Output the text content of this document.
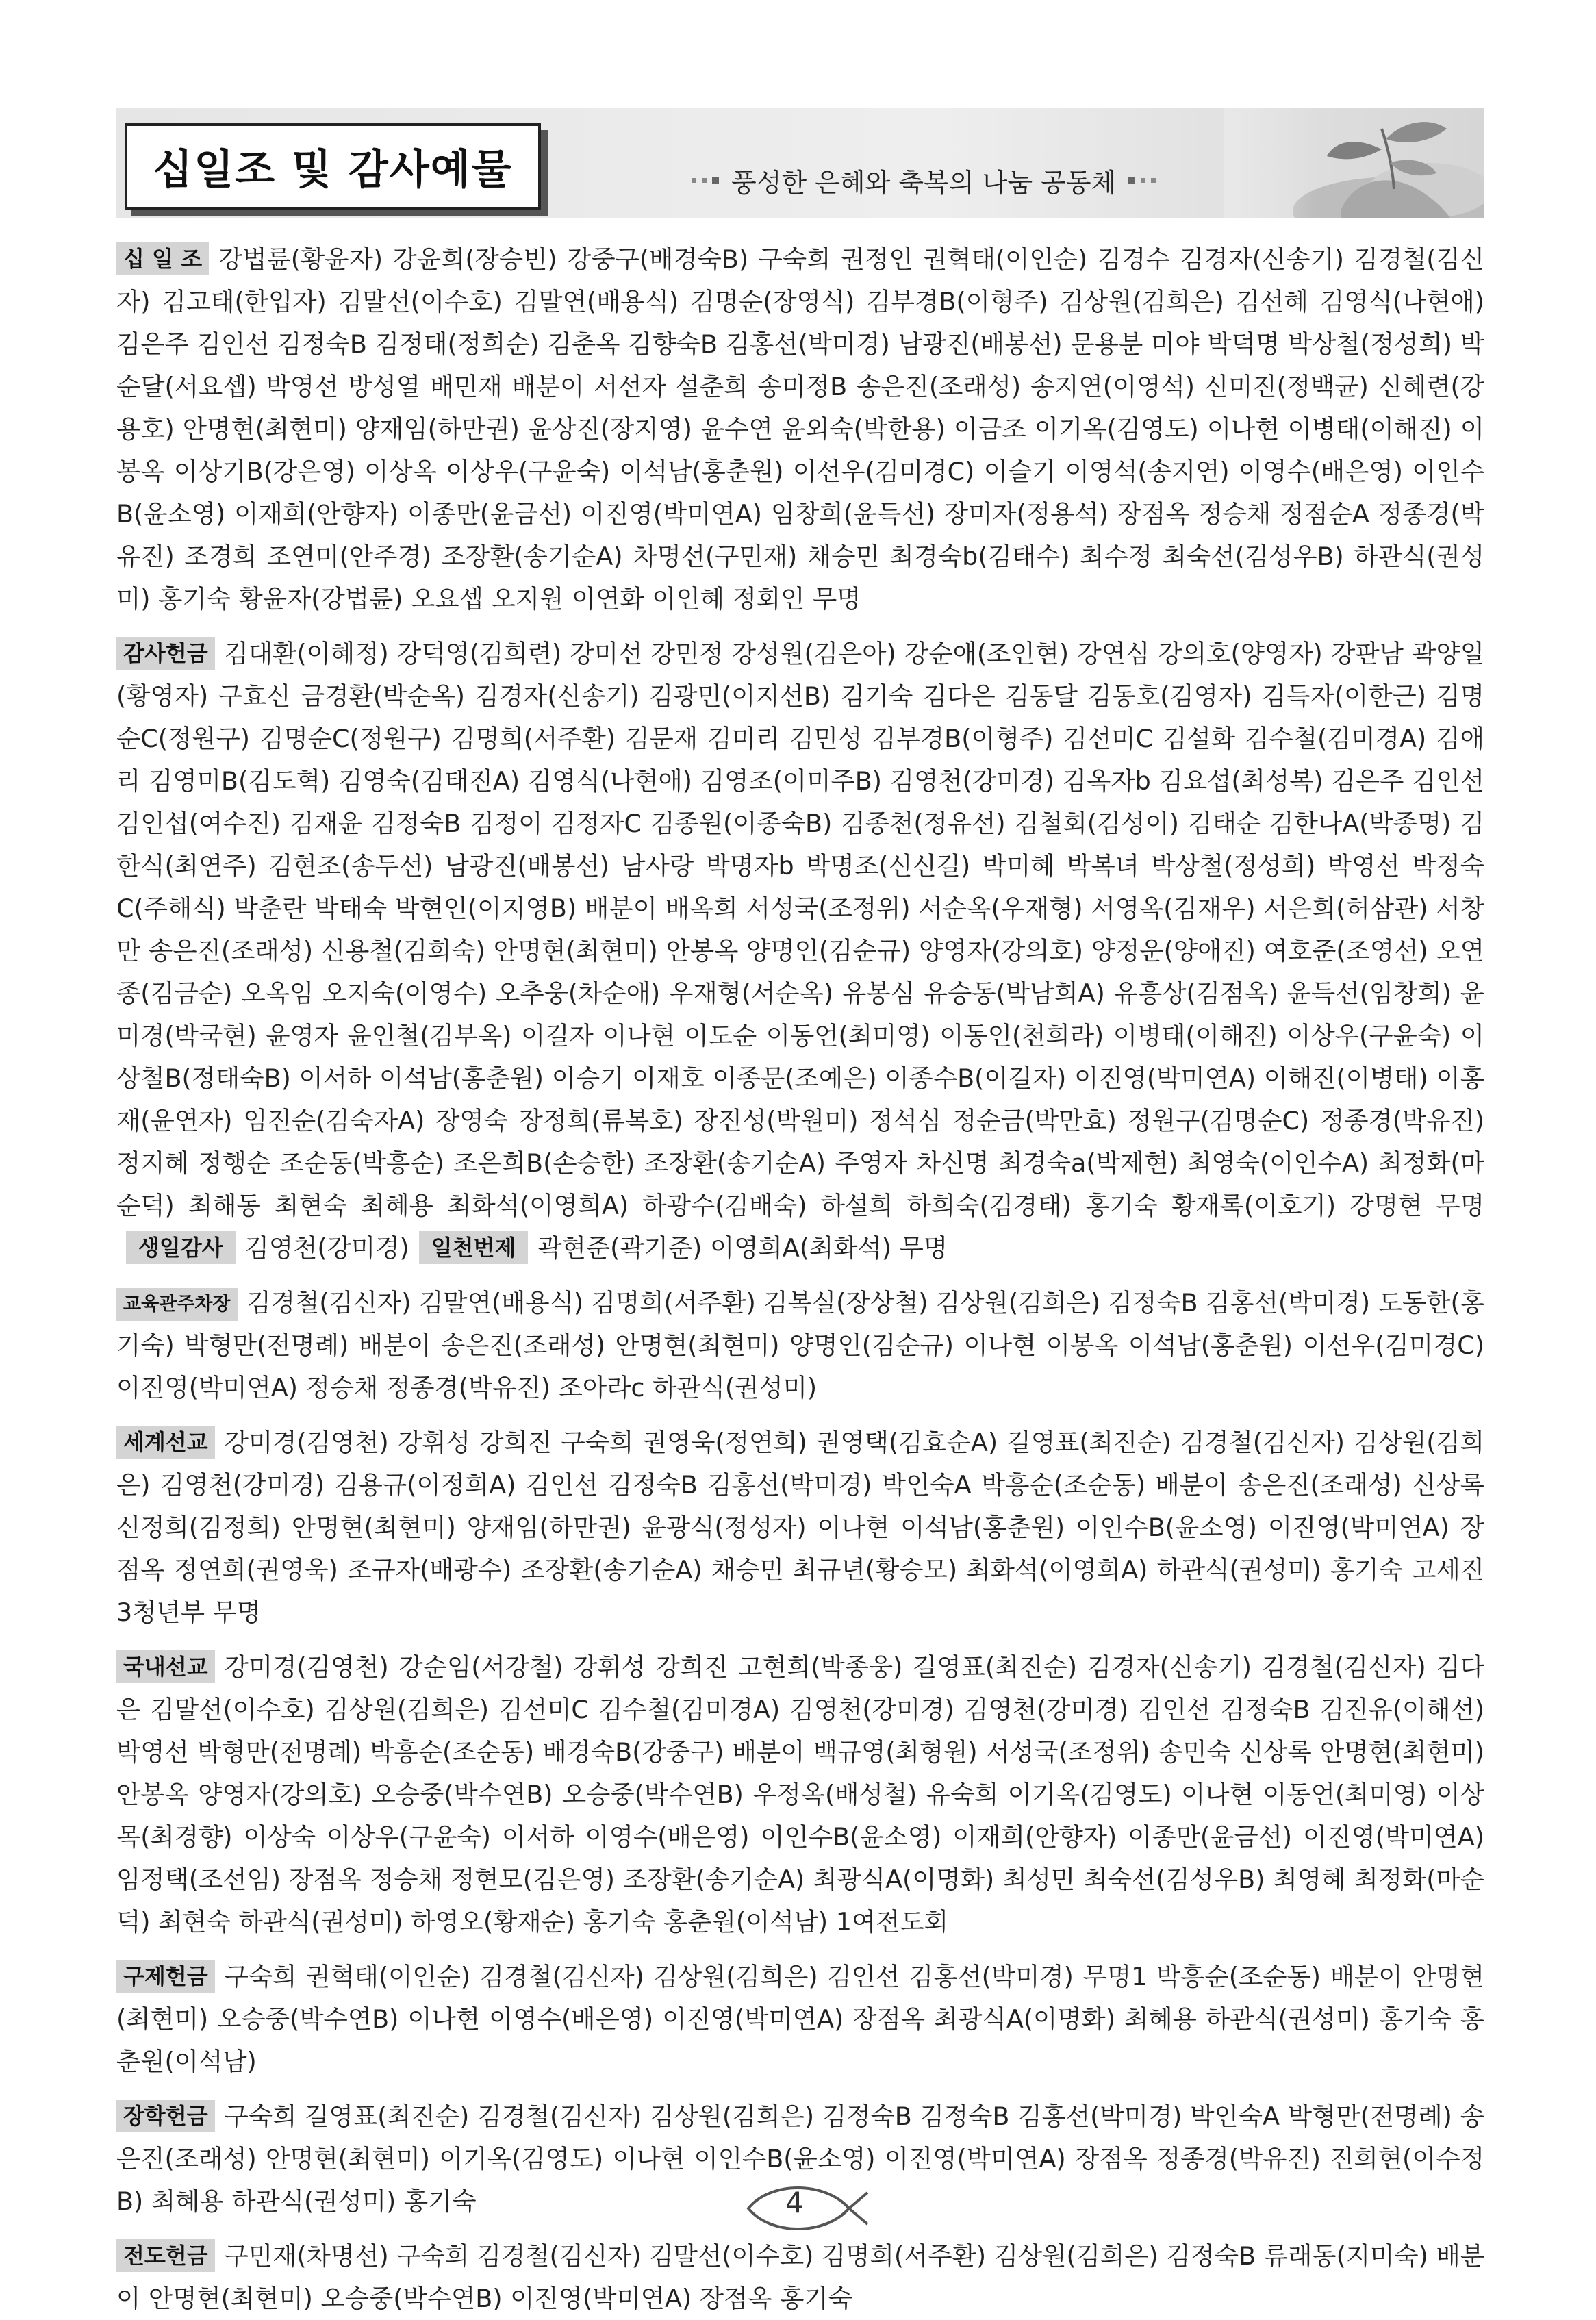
십일조 및 감사예물	풍성한 은혜와 축복의 나눔 공동체

십 일 조 강법륜(황윤자) 강윤희(장승빈) 강중구(배경숙B) 구숙희 권정인 권혁태(이인순) 김경수 김경자(신송기) 김경철(김신자) 김고태(한입자) 김말선(이수호) 김말연(배용식) 김명순(장영식) 김부경B(이형주) 김상원(김희은) 김선혜 김영식(나현애) 김은주 김인선 김정숙B 김정태(정희순) 김춘옥 김향숙B 김홍선(박미경) 남광진(배봉선) 문용분 미야 박덕명 박상철(정성희) 박순달(서요셉) 박영선 방성열 배민재 배분이 서선자 설춘희 송미정B 송은진(조래성) 송지연(이영석) 신미진(정백균) 신혜련(강용호) 안명현(최현미) 양재임(하만권) 윤상진(장지영) 윤수연 윤외숙(박한용) 이금조 이기옥(김영도) 이나현 이병태(이해진) 이봉옥 이상기B(강은영) 이상옥 이상우(구윤숙) 이석남(홍춘원) 이선우(김미경C) 이슬기 이영석(송지연) 이영수(배은영) 이인수B(윤소영) 이재희(안향자) 이종만(윤금선) 이진영(박미연A) 임창희(윤득선) 장미자(정용석) 장점옥 정승채 정점순A 정종경(박유진) 조경희 조연미(안주경) 조장환(송기순A) 차명선(구민재) 채승민 최경숙b(김태수) 최수정 최숙선(김성우B) 하관식(권성미) 홍기숙 황윤자(강법륜) 오요셉 오지원 이연화 이인혜 정회인 무명

감사헌금 김대환(이혜정) 강덕영(김희련) 강미선 강민정 강성원(김은아) 강순애(조인현) 강연심 강의호(양영자) 강판남 곽양일(황영자) 구효신 금경환(박순옥) 김경자(신송기) 김광민(이지선B) 김기숙 김다은 김동달 김동호(김영자) 김득자(이한근) 김명순C(정원구) 김명순C(정원구) 김명희(서주환) 김문재 김미리 김민성 김부경B(이형주) 김선미C 김설화 김수철(김미경A) 김애리 김영미B(김도혁) 김영숙(김태진A) 김영식(나현애) 김영조(이미주B) 김영천(강미경) 김옥자b 김요섭(최성복) 김은주 김인선 김인섭(여수진) 김재윤 김정숙B 김정이 김정자C 김종원(이종숙B) 김종천(정유선) 김철회(김성이) 김태순 김한나A(박종명) 김한식(최연주) 김현조(송두선) 남광진(배봉선) 남사랑 박명자b 박명조(신신길) 박미혜 박복녀 박상철(정성희) 박영선 박정숙C(주해식) 박춘란 박태숙 박현인(이지영B) 배분이 배옥희 서성국(조정위) 서순옥(우재형) 서영옥(김재우) 서은희(허삼관) 서창만 송은진(조래성) 신용철(김희숙) 안명현(최현미) 안봉옥 양명인(김순규) 양영자(강의호) 양정운(양애진) 여호준(조영선) 오연종(김금순) 오옥임 오지숙(이영수) 오추웅(차순애) 우재형(서순옥) 유봉심 유승동(박남희A) 유흥상(김점옥) 윤득선(임창희) 윤미경(박국현) 윤영자 윤인철(김부옥) 이길자 이나현 이도순 이동언(최미영) 이동인(천희라) 이병태(이해진) 이상우(구윤숙) 이상철B(정태숙B) 이서하 이석남(홍춘원) 이승기 이재호 이종문(조예은) 이종수B(이길자) 이진영(박미연A) 이해진(이병태) 이홍재(윤연자) 임진순(김숙자A) 장영숙 장정희(류복호) 장진성(박원미) 정석심 정순금(박만효) 정원구(김명순C) 정종경(박유진) 정지혜 정행순 조순동(박흥순) 조은희B(손승한) 조장환(송기순A) 주영자 차신명 최경숙a(박제현) 최영숙(이인수A) 최정화(마순덕) 최해동 최현숙 최혜용 최화석(이영희A) 하광수(김배숙) 하설희 하희숙(김경태) 홍기숙 황재록(이호기) 강명현 무명생일감사 김영천(강미경) 일천번제 곽현준(곽기준) 이영희A(최화석) 무명

교육관주차장 김경철(김신자) 김말연(배용식) 김명희(서주환) 김복실(장상철) 김상원(김희은) 김정숙B 김홍선(박미경) 도동한(홍기숙) 박형만(전명례) 배분이 송은진(조래성) 안명현(최현미) 양명인(김순규) 이나현 이봉옥 이석남(홍춘원) 이선우(김미경C) 이진영(박미연A) 정승채 정종경(박유진) 조아라c 하관식(권성미)

세계선교 강미경(김영천) 강휘성 강희진 구숙희 권영욱(정연희) 권영택(김효순A) 길영표(최진순) 김경철(김신자) 김상원(김희은) 김영천(강미경) 김용규(이정희A) 김인선 김정숙B 김홍선(박미경) 박인숙A 박흥순(조순동) 배분이 송은진(조래성) 신상록 신정희(김정희) 안명현(최현미) 양재임(하만권) 윤광식(정성자) 이나현 이석남(홍춘원) 이인수B(윤소영) 이진영(박미연A) 장점옥 정연희(권영욱) 조규자(배광수) 조장환(송기순A) 채승민 최규년(황승모) 최화석(이영희A) 하관식(권성미) 홍기숙 고세진 3청년부 무명

국내선교 강미경(김영천) 강순임(서강철) 강휘성 강희진 고현희(박종웅) 길영표(최진순) 김경자(신송기) 김경철(김신자) 김다은 김말선(이수호) 김상원(김희은) 김선미C 김수철(김미경A) 김영천(강미경) 김영천(강미경) 김인선 김정숙B 김진유(이해선) 박영선 박형만(전명례) 박흥순(조순동) 배경숙B(강중구) 배분이 백규영(최형원) 서성국(조정위) 송민숙 신상록 안명현(최현미) 안봉옥 양영자(강의호) 오승중(박수연B) 오승중(박수연B) 우정옥(배성철) 유숙희 이기옥(김영도) 이나현 이동언(최미영) 이상목(최경향) 이상숙 이상우(구윤숙) 이서하 이영수(배은영) 이인수B(윤소영) 이재희(안향자) 이종만(윤금선) 이진영(박미연A) 임정택(조선임) 장점옥 정승채 정현모(김은영) 조장환(송기순A) 최광식A(이명화) 최성민 최숙선(김성우B) 최영혜 최정화(마순덕) 최현숙 하관식(권성미) 하영오(황재순) 홍기숙 홍춘원(이석남) 1여전도회

구제헌금 구숙희 권혁태(이인순) 김경철(김신자) 김상원(김희은) 김인선 김홍선(박미경) 무명1 박흥순(조순동) 배분이 안명현(최현미) 오승중(박수연B) 이나현 이영수(배은영) 이진영(박미연A) 장점옥 최광식A(이명화) 최혜용 하관식(권성미) 홍기숙 홍춘원(이석남)

장학헌금 구숙희 길영표(최진순) 김경철(김신자) 김상원(김희은) 김정숙B 김정숙B 김홍선(박미경) 박인숙A 박형만(전명례) 송은진(조래성) 안명현(최현미) 이기옥(김영도) 이나현 이인수B(윤소영) 이진영(박미연A) 장점옥 정종경(박유진) 진희현(이수정B) 최혜용 하관식(권성미) 홍기숙

전도헌금 구민재(차명선) 구숙희 김경철(김신자) 김말선(이수호) 김명희(서주환) 김상원(김희은) 김정숙B 류래동(지미숙) 배분이 안명현(최현미) 오승중(박수연B) 이진영(박미연A) 장점옥 홍기숙

4
